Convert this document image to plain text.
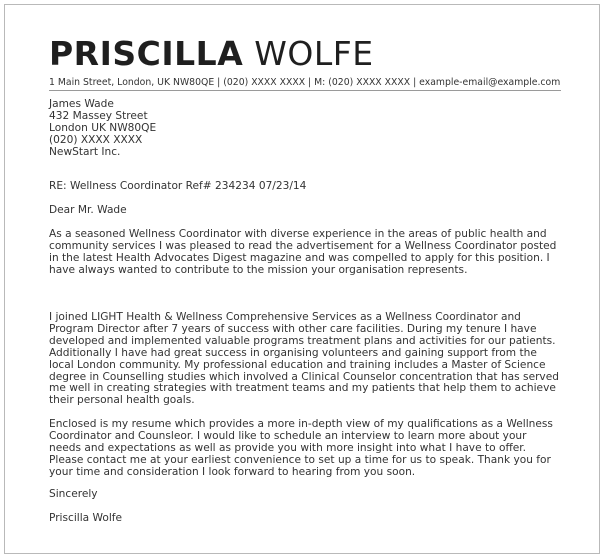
PRISCILLA WOLFE
1 Main Street, London, UK NW80QE | (020) XXXX XXXX | M: (020) XXXX XXXX | example-email@example.com
James Wade
432 Massey Street
London UK NW80QE
(020) XXXX XXXX
NewStart Inc.
RE: Wellness Coordinator Ref# 234234 07/23/14
Dear Mr. Wade

As a seasoned Wellness Coordinator with diverse experience in the areas of public health and community services I was pleased to read the advertisement for a Wellness Coordinator posted in the latest Health Advocates Digest magazine and was compelled to apply for this position. I have always wanted to contribute to the mission your organisation represents.

I joined LIGHT Health & Wellness Comprehensive Services as a Wellness Coordinator and Program Director after 7 years of success with other care facilities. During my tenure I have developed and implemented valuable programs treatment plans and activities for our patients. Additionally I have had great success in organising volunteers and gaining support from the local London community. My professional education and training includes a Master of Science degree in Counselling studies which involved a Clinical Counselor concentration that has served me well in creating strategies with treatment teams and my patients that help them to achieve their personal health goals.

Enclosed is my resume which provides a more in-depth view of my qualifications as a Wellness Coordinator and Counslеor. I would like to schedule an interview to learn more about your needs and expectations as well as provide you with more insight into what I have to offer. Please contact me at your earliest convenience to set up a time for us to speak. Thank you for your time and consideration I look forward to hearing from you soon.

Sincerely
Priscilla Wolfe
